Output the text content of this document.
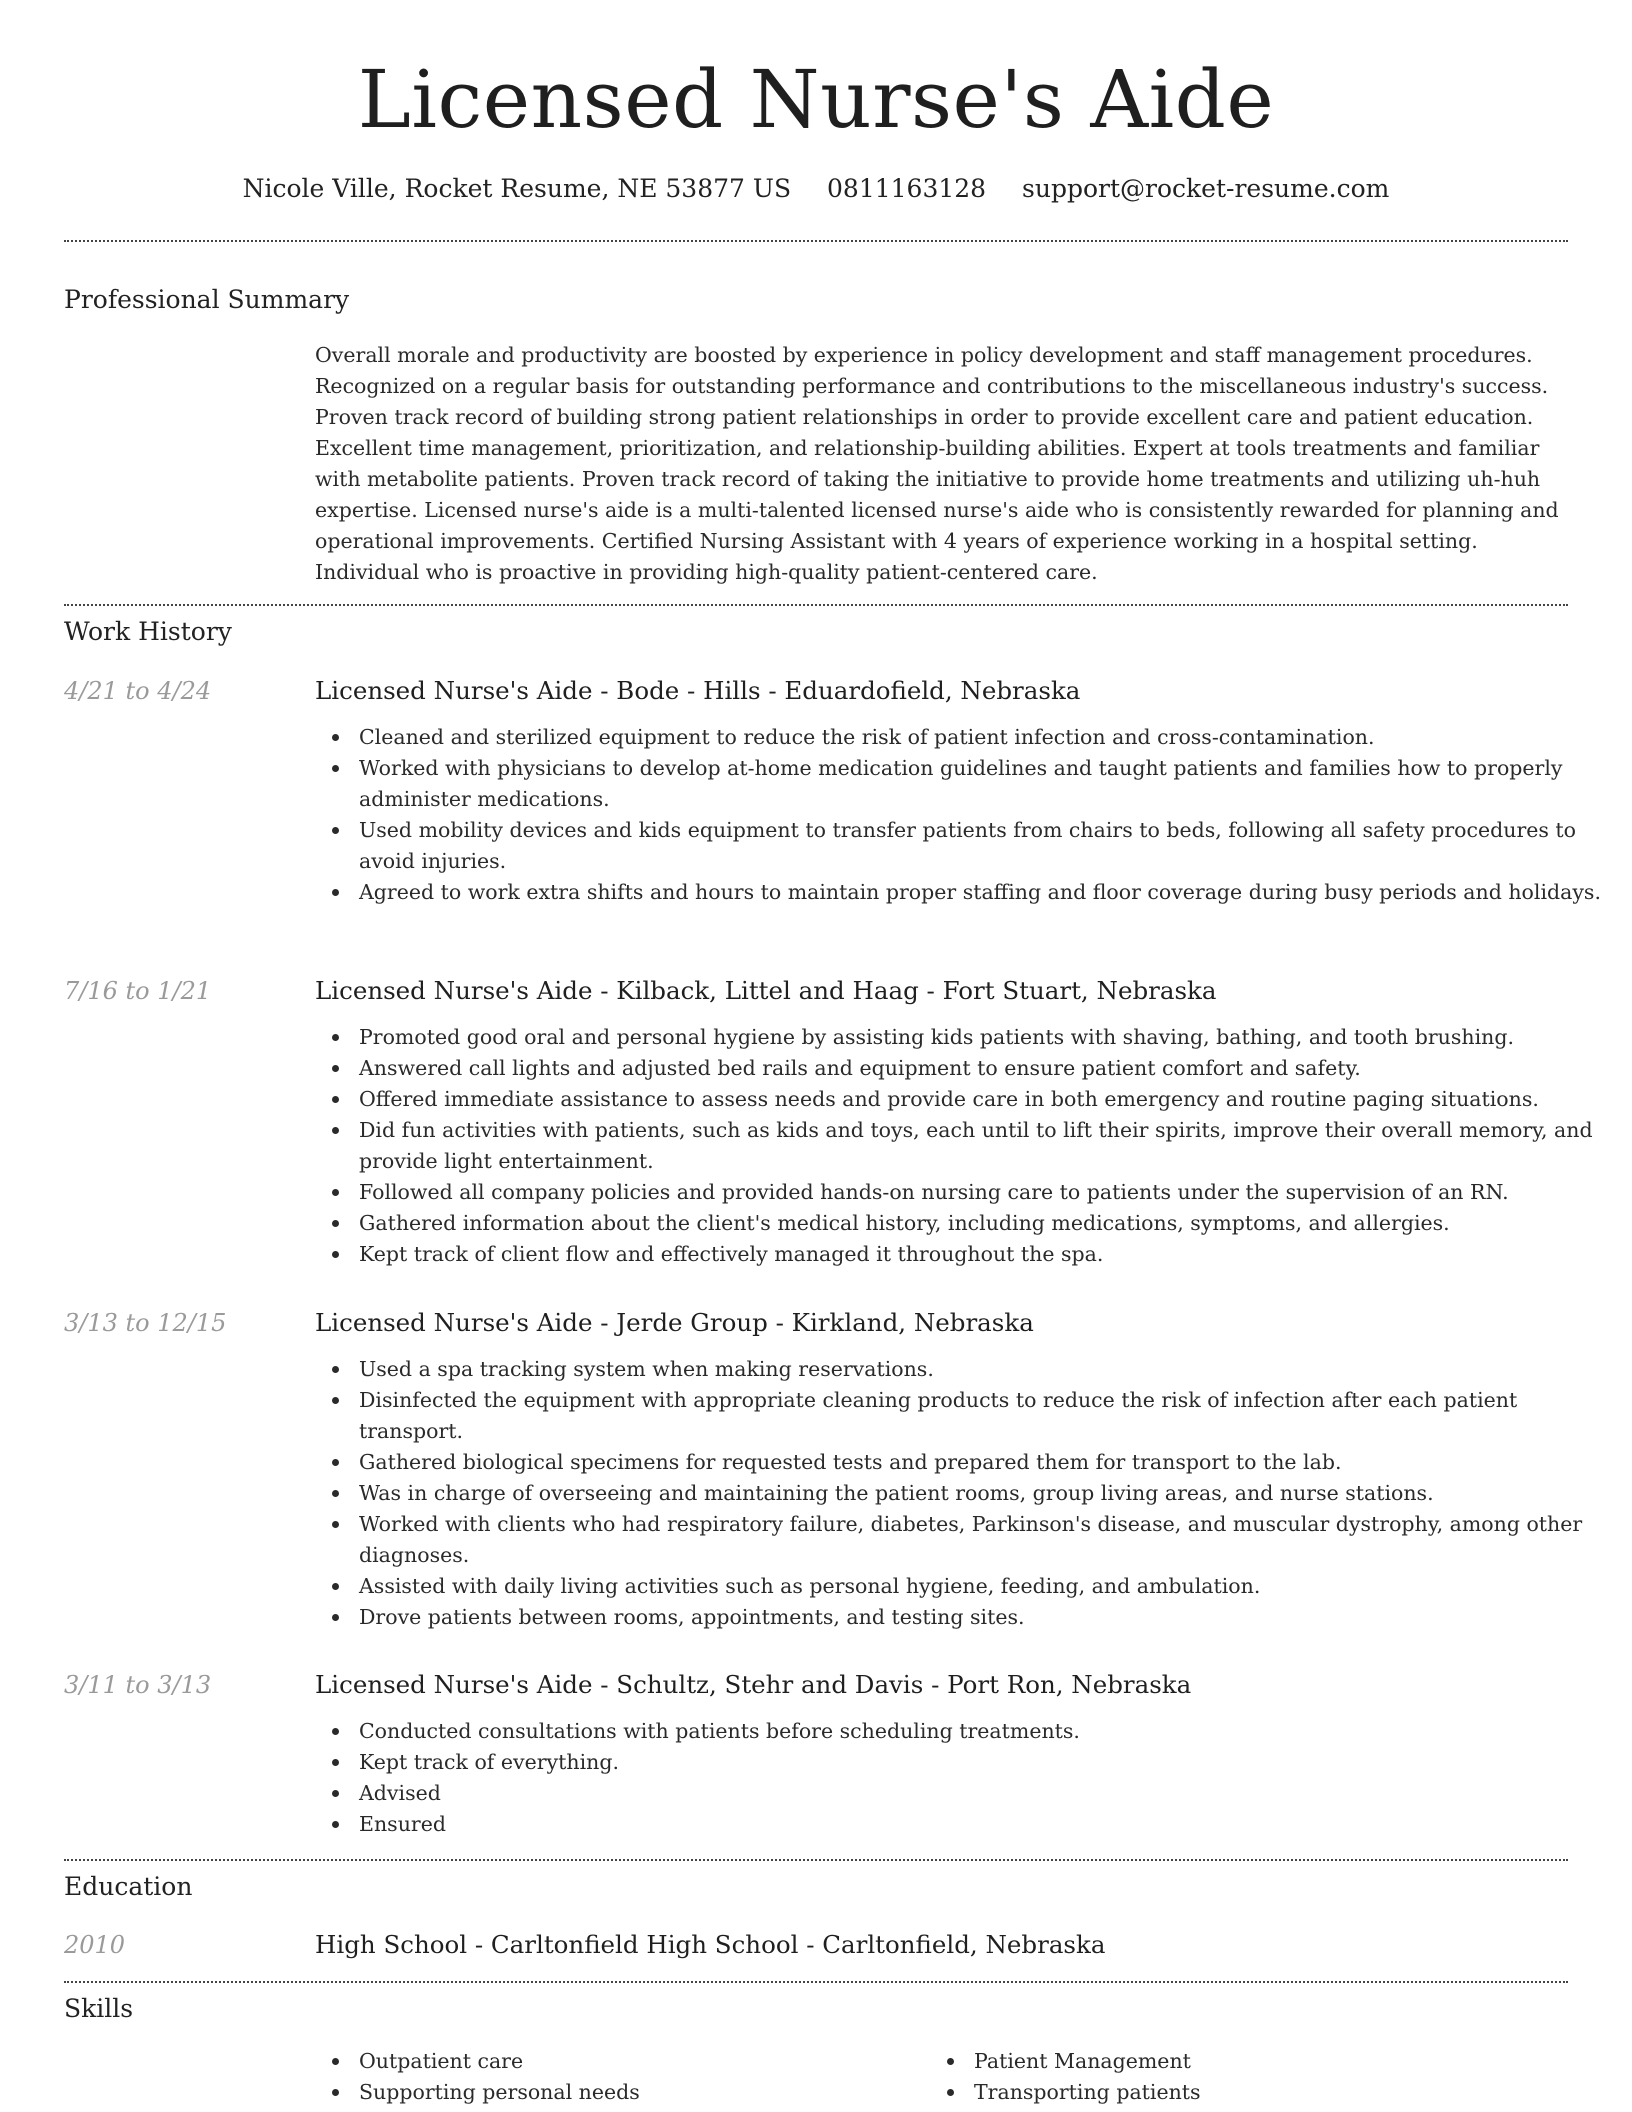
Licensed Nurse's Aide
Nicole Ville, Rocket Resume, NE 53877 US 0811163128 support@rocket-resume.com
Professional Summary

Overall morale and productivity are boosted by experience in policy development and staff management procedures. Recognized on a regular basis for outstanding performance and contributions to the miscellaneous industry's success. Proven track record of building strong patient relationships in order to provide excellent care and patient education. Excellent time management, prioritization, and relationship-building abilities. Expert at tools treatments and familiar with metabolite patients. Proven track record of taking the initiative to provide home treatments and utilizing uh-huh expertise. Licensed nurse's aide is a multi-talented licensed nurse's aide who is consistently rewarded for planning and operational improvements. Certified Nursing Assistant with 4 years of experience working in a hospital setting. Individual who is proactive in providing high-quality patient-centered care.

Work History
4/21 to 4/24	Licensed Nurse's Aide - Bode - Hills - Eduardofield, Nebraska
Cleaned and sterilized equipment to reduce the risk of patient infection and cross-contamination.
Worked with physicians to develop at-home medication guidelines and taught patients and families how to properly administer medications.
Used mobility devices and kids equipment to transfer patients from chairs to beds, following all safety procedures to avoid injuries.
Agreed to work extra shifts and hours to maintain proper staffing and floor coverage during busy periods and holidays.
7/16 to 1/21	Licensed Nurse's Aide - Kilback, Littel and Haag - Fort Stuart, Nebraska
Promoted good oral and personal hygiene by assisting kids patients with shaving, bathing, and tooth brushing.
Answered call lights and adjusted bed rails and equipment to ensure patient comfort and safety.
Offered immediate assistance to assess needs and provide care in both emergency and routine paging situations.
Did fun activities with patients, such as kids and toys, each until to lift their spirits, improve their overall memory, and provide light entertainment.
Followed all company policies and provided hands-on nursing care to patients under the supervision of an RN.
Gathered information about the client's medical history, including medications, symptoms, and allergies.
Kept track of client flow and effectively managed it throughout the spa.
3/13 to 12/15	Licensed Nurse's Aide - Jerde Group - Kirkland, Nebraska
Used a spa tracking system when making reservations.
Disinfected the equipment with appropriate cleaning products to reduce the risk of infection after each patient transport.
Gathered biological specimens for requested tests and prepared them for transport to the lab.
Was in charge of overseeing and maintaining the patient rooms, group living areas, and nurse stations.
Worked with clients who had respiratory failure, diabetes, Parkinson's disease, and muscular dystrophy, among other diagnoses.
Assisted with daily living activities such as personal hygiene, feeding, and ambulation.
Drove patients between rooms, appointments, and testing sites.
3/11 to 3/13	Licensed Nurse's Aide - Schultz, Stehr and Davis - Port Ron, Nebraska
Conducted consultations with patients before scheduling treatments.
Kept track of everything.
Advised
Ensured
Education
2010	High School - Carltonfield High School - Carltonfield, Nebraska
Skills
Outpatient care
Supporting personal needs
Patient Management
Transporting patients
